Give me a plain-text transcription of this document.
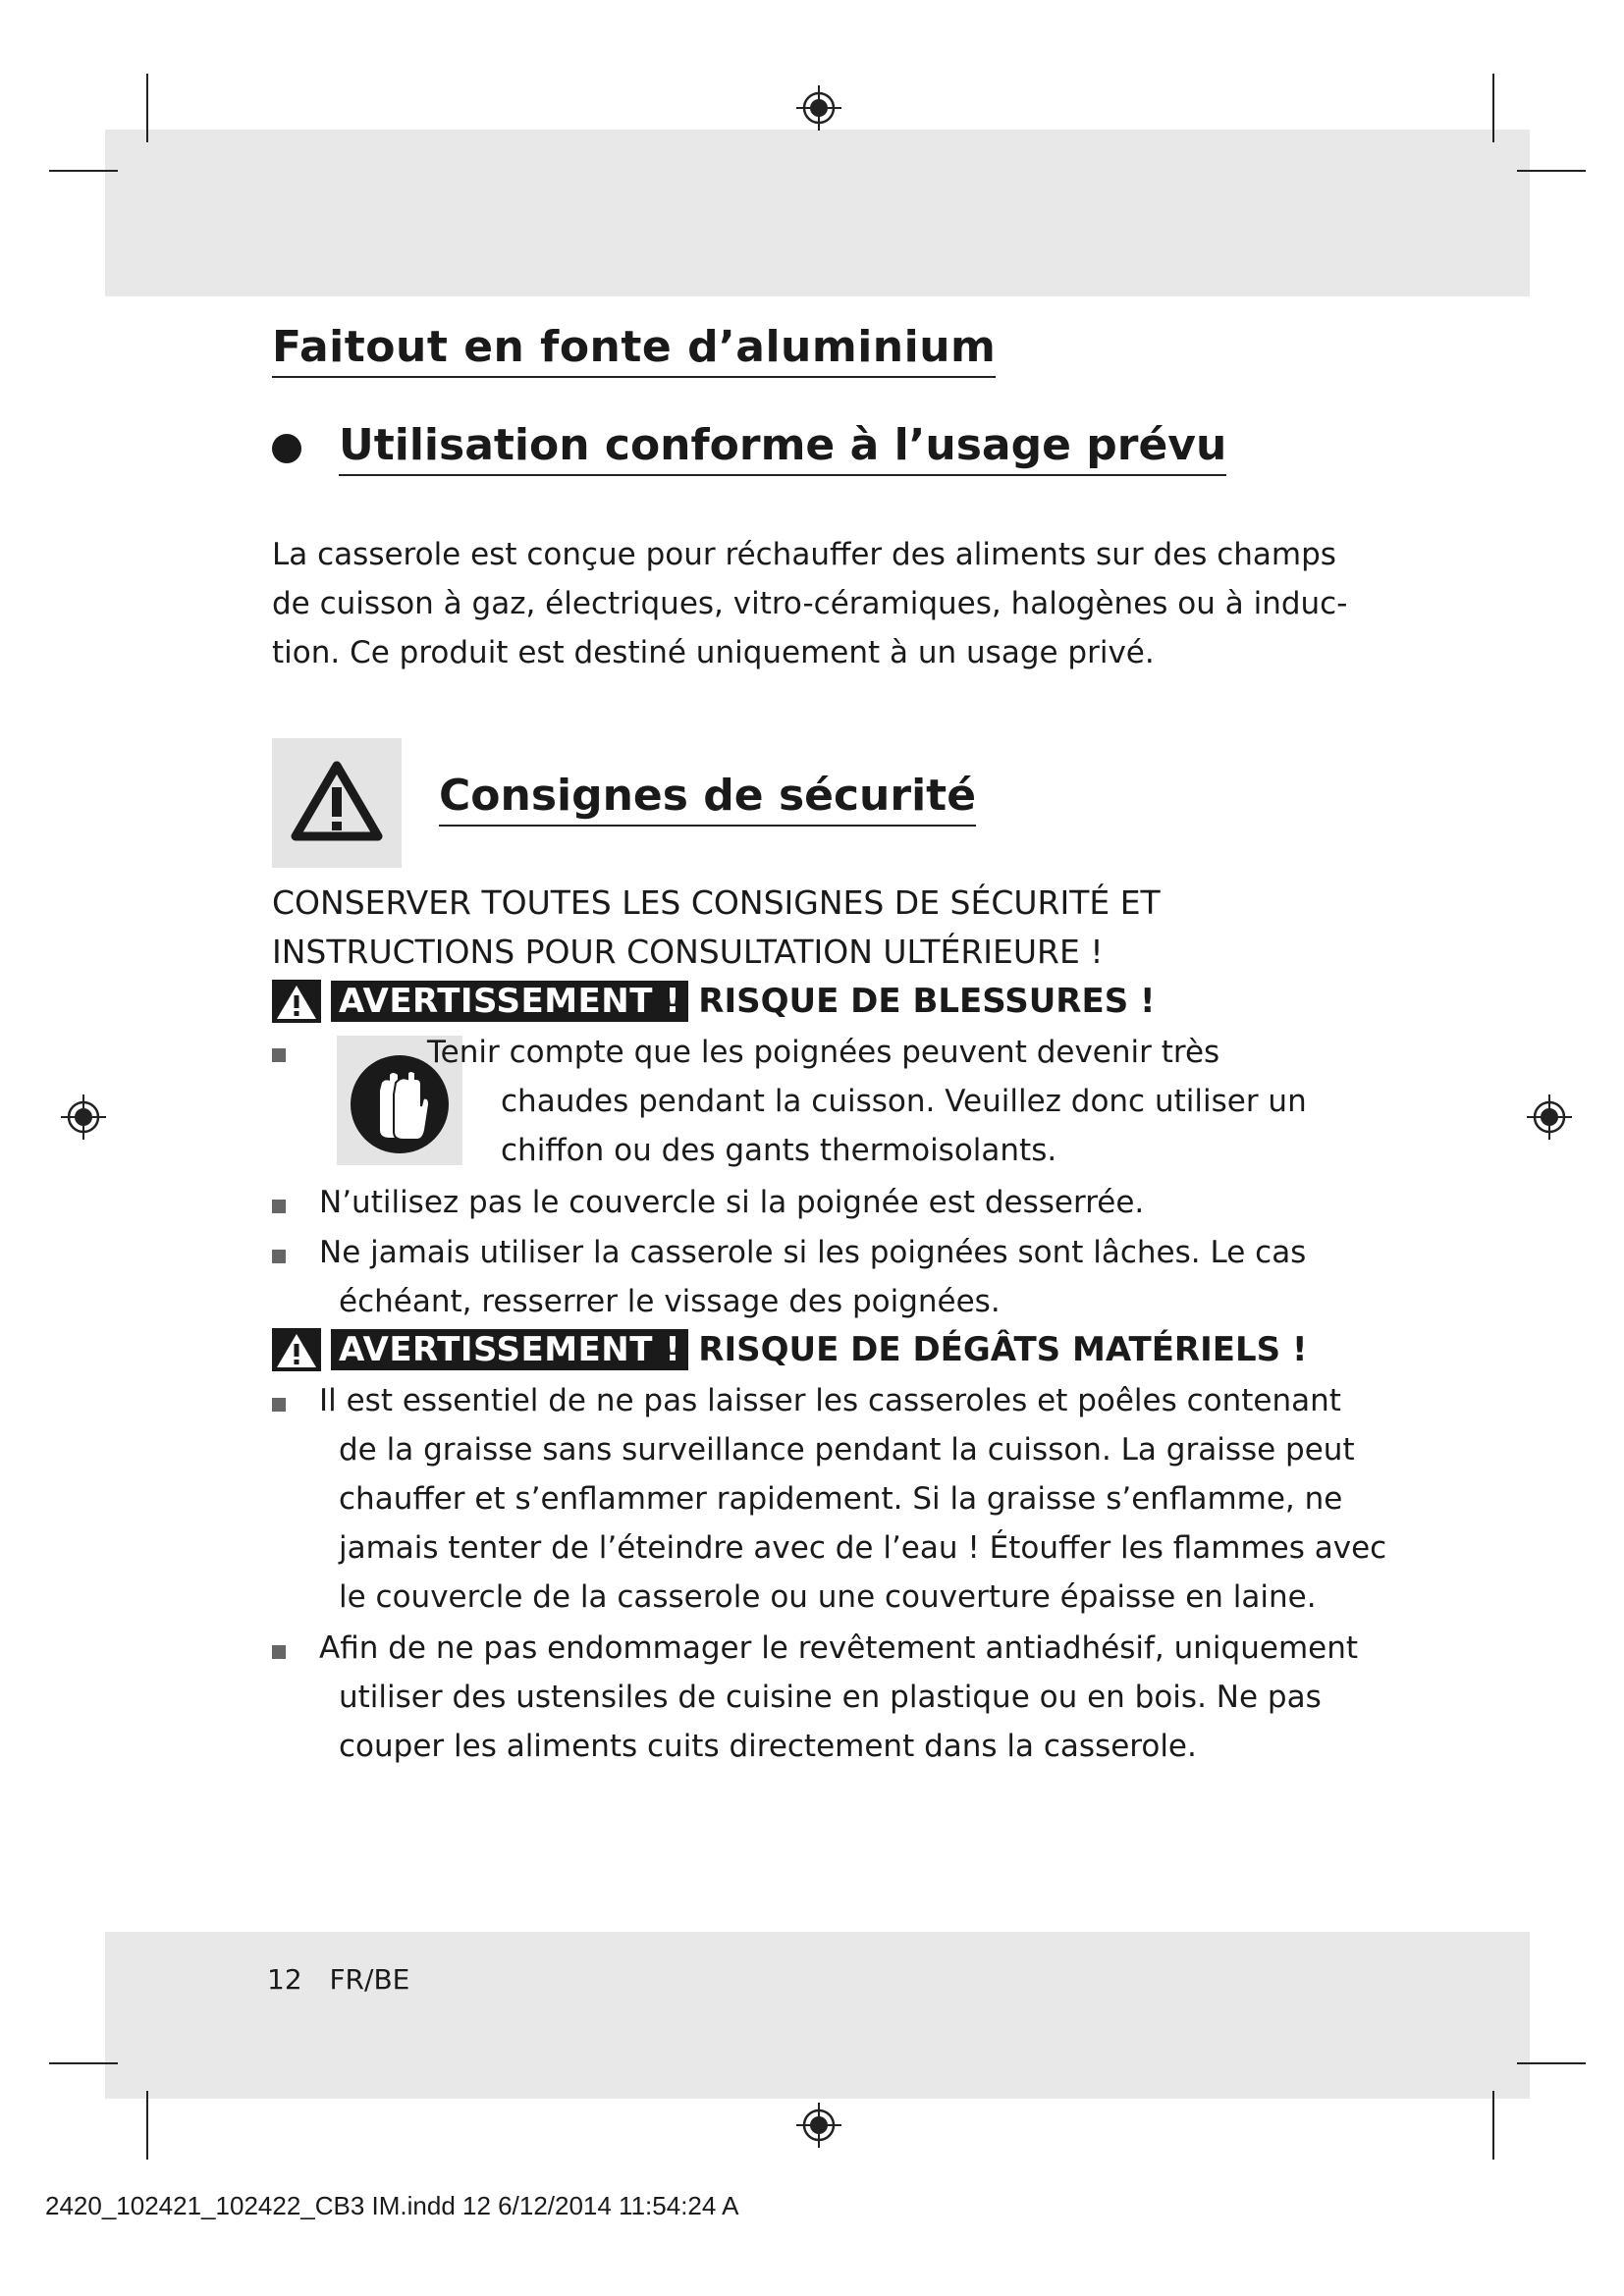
Faitout en fonte d’aluminium
Utilisation conforme à l’usage prévu
La casserole est conçue pour réchauffer des aliments sur des champs
de cuisson à gaz, électriques, vitro-céramiques, halogènes ou à induc-
tion. Ce produit est destiné uniquement à un usage privé.
Consignes de sécurité
CONSERVER TOUTES LES CONSIGNES DE SÉCURITÉ ET
INSTRUCTIONS POUR CONSULTATION ULTÉRIEURE !
AVERTISSEMENT ! RISQUE DE BLESSURES !
Tenir compte que les poignées peuvent devenir très
chaudes pendant la cuisson. Veuillez donc utiliser un
chiffon ou des gants thermoisolants.
N’utilisez pas le couvercle si la poignée est desserrée.
Ne jamais utiliser la casserole si les poignées sont lâches. Le cas
échéant, resserrer le vissage des poignées.
AVERTISSEMENT ! RISQUE DE DÉGÂTS MATÉRIELS !
Il est essentiel de ne pas laisser les casseroles et poêles contenant
de la graisse sans surveillance pendant la cuisson. La graisse peut
chauffer et s’enflammer rapidement. Si la graisse s’enflamme, ne
jamais tenter de l’éteindre avec de l’eau ! Étouffer les flammes avec
le couvercle de la casserole ou une couverture épaisse en laine.
Afin de ne pas endommager le revêtement antiadhésif, uniquement
utiliser des ustensiles de cuisine en plastique ou en bois. Ne pas
couper les aliments cuits directement dans la casserole.
12 FR/BE
2420_102421_102422_CB3 IM.indd 12 6/12/2014 11:54:24 A
